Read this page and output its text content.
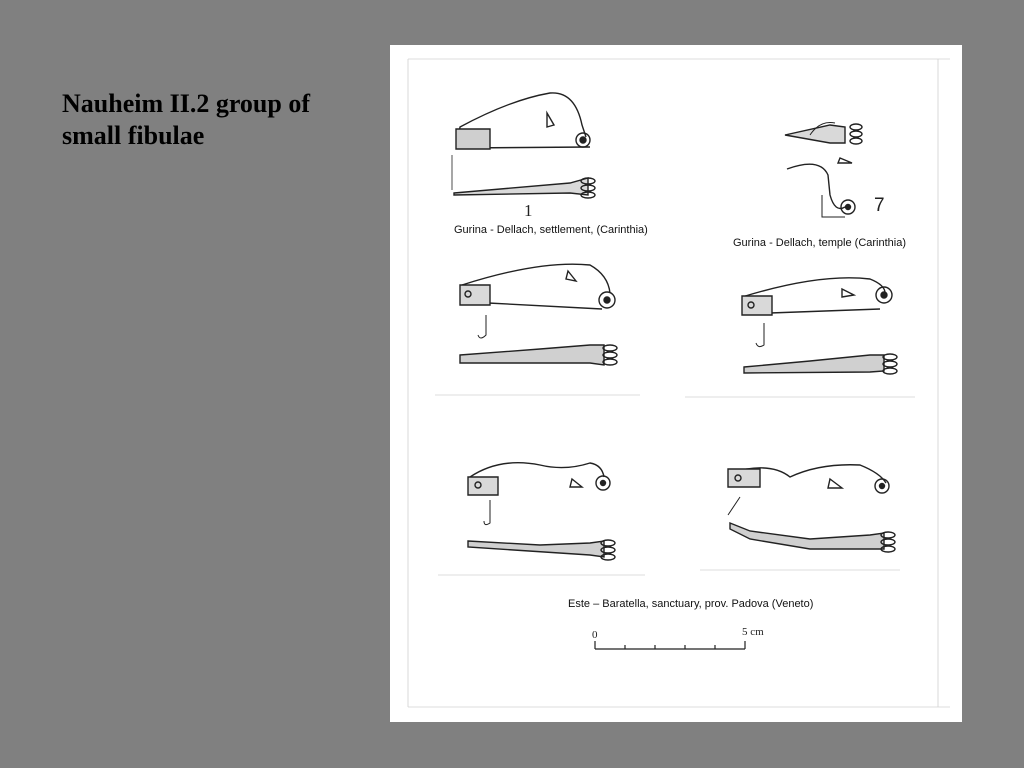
Nauheim II.2 group of
small fibulae
1	7
Gurina - Dellach, settlement, (Carinthia)
Gurina - Dellach, temple (Carinthia)
Este – Baratella, sanctuary, prov. Padova (Veneto)
0	5 cm
